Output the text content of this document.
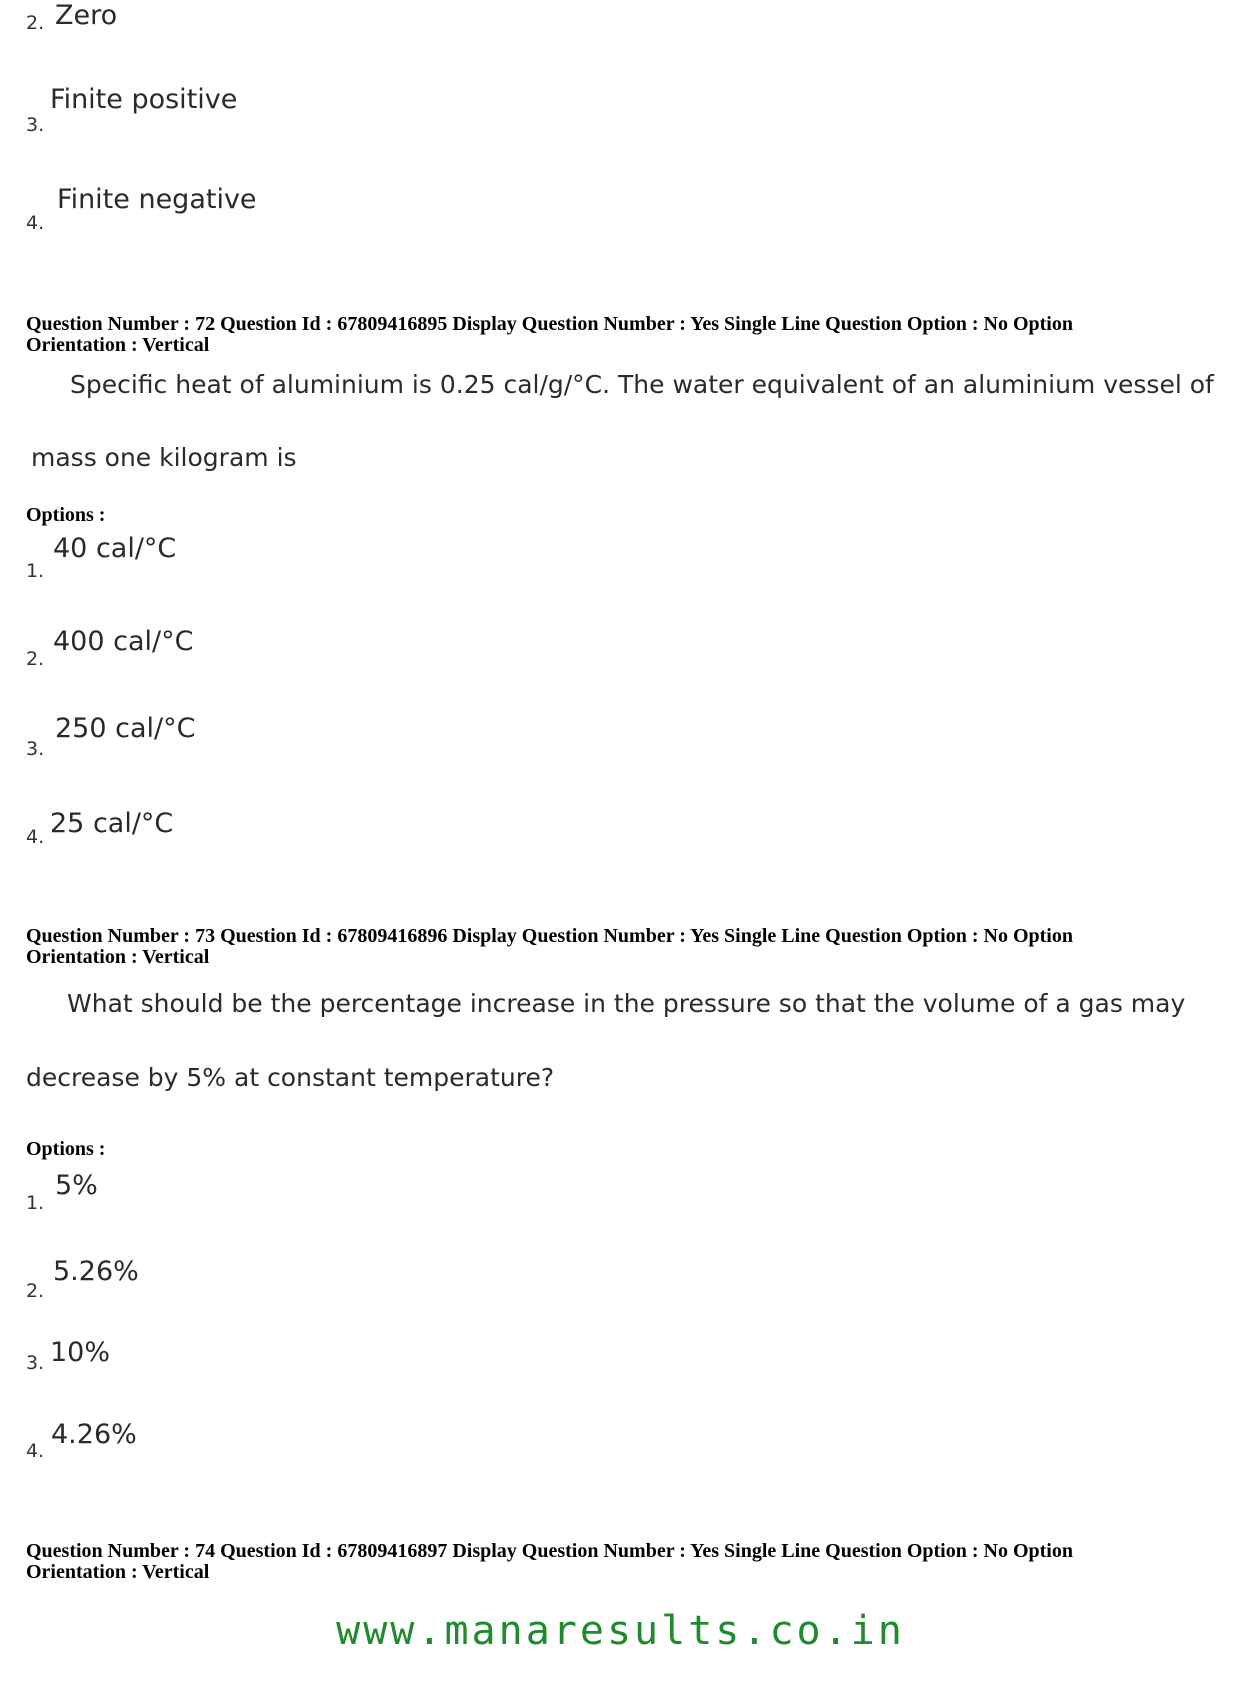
2. Zero
3.
Finite positive
4.
Finite negative
Question Number : 72 Question Id : 67809416895 Display Question Number : Yes Single Line Question Option : No Option
Orientation : Vertical
Specific heat of aluminium is 0.25 cal/g/°C. The water equivalent of an aluminium vessel of
mass one kilogram is
Options :
1.
40 cal/°C
2.
400 cal/°C
3.
250 cal/°C
4. 25 cal/°C
Question Number : 73 Question Id : 67809416896 Display Question Number : Yes Single Line Question Option : No Option
Orientation : Vertical
What should be the percentage increase in the pressure so that the volume of a gas may
decrease by 5% at constant temperature?
Options :
1.
5%
2.
5.26%
3. 10%
4.
4.26%
Question Number : 74 Question Id : 67809416897 Display Question Number : Yes Single Line Question Option : No Option
Orientation : Vertical
www.manaresults.co.in
